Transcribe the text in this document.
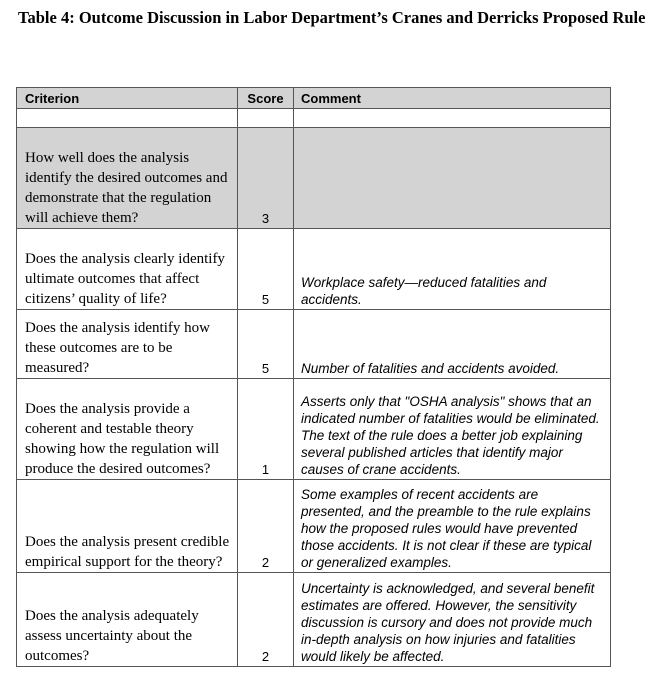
Table 4: Outcome Discussion in Labor Department’s Cranes and Derricks Proposed Rule
Criterion	Score	Comment

How well does the analysis identify the desired outcomes and demonstrate that the regulation will achieve them?	3	
Does the analysis clearly identify ultimate outcomes that affect citizens’ quality of life?	5	Workplace safety—reduced fatalities and accidents.
Does the analysis identify how these outcomes are to be measured?	5	Number of fatalities and accidents avoided.
Does the analysis provide a coherent and testable theory showing how the regulation will produce the desired outcomes?	1	Asserts only that "OSHA analysis" shows that an indicated number of fatalities would be eliminated. The text of the rule does a better job explaining several published articles that identify major causes of crane accidents.
Does the analysis present credible empirical support for the theory?	2	Some examples of recent accidents are presented, and the preamble to the rule explains how the proposed rules would have prevented those accidents. It is not clear if these are typical or generalized examples.
Does the analysis adequately assess uncertainty about the outcomes?	2	Uncertainty is acknowledged, and several benefit estimates are offered. However, the sensitivity discussion is cursory and does not provide much in-depth analysis on how injuries and fatalities would likely be affected.
